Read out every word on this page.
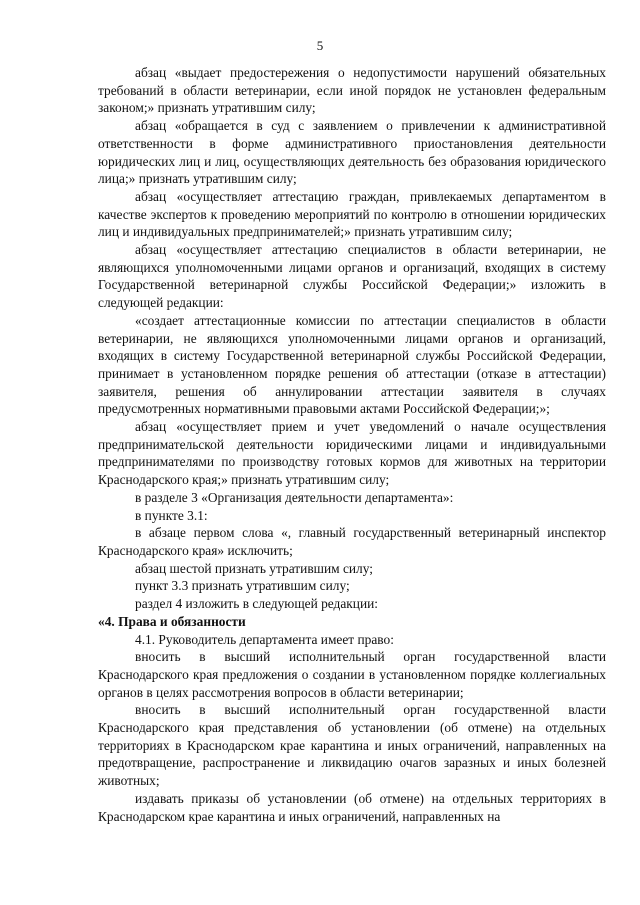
5

абзац «выдает предостережения о недопустимости нарушений обязательных требований в области ветеринарии, если иной порядок не установлен федеральным законом;» признать утратившим силу;

абзац «обращается в суд с заявлением о привлечении к административной ответственности в форме административного приостановления деятельности юридических лиц и лиц, осуществляющих деятельность без образования юридического лица;» признать утратившим силу;

абзац «осуществляет аттестацию граждан, привлекаемых департаментом в качестве экспертов к проведению мероприятий по контролю в отношении юридических лиц и индивидуальных предпринимателей;» признать утратившим силу;

абзац «осуществляет аттестацию специалистов в области ветеринарии, не являющихся уполномоченными лицами органов и организаций, входящих в систему Государственной ветеринарной службы Российской Федерации;» изложить в следующей редакции:

«создает аттестационные комиссии по аттестации специалистов в области ветеринарии, не являющихся уполномоченными лицами органов и организаций, входящих в систему Государственной ветеринарной службы Российской Федерации, принимает в установленном порядке решения об аттестации (отказе в аттестации) заявителя, решения об аннулировании аттестации заявителя в случаях предусмотренных нормативными правовыми актами Российской Федерации;»;

абзац «осуществляет прием и учет уведомлений о начале осуществления предпринимательской деятельности юридическими лицами и индивидуальными предпринимателями по производству готовых кормов для животных на территории Краснодарского края;» признать утратившим силу;

в разделе 3 «Организация деятельности департамента»:

в пункте 3.1:

в абзаце первом слова «, главный государственный ветеринарный инспектор Краснодарского края» исключить;

абзац шестой признать утратившим силу;

пункт 3.3 признать утратившим силу;

раздел 4 изложить в следующей редакции:

«4. Права и обязанности

4.1. Руководитель департамента имеет право:

вносить в высший исполнительный орган государственной власти Краснодарского края предложения о создании в установленном порядке коллегиальных органов в целях рассмотрения вопросов в области ветеринарии;

вносить в высший исполнительный орган государственной власти Краснодарского края представления об установлении (об отмене) на отдельных территориях в Краснодарском крае карантина и иных ограничений, направленных на предотвращение, распространение и ликвидацию очагов заразных и иных болезней животных;

издавать приказы об установлении (об отмене) на отдельных территориях в Краснодарском крае карантина и иных ограничений, направленных на
